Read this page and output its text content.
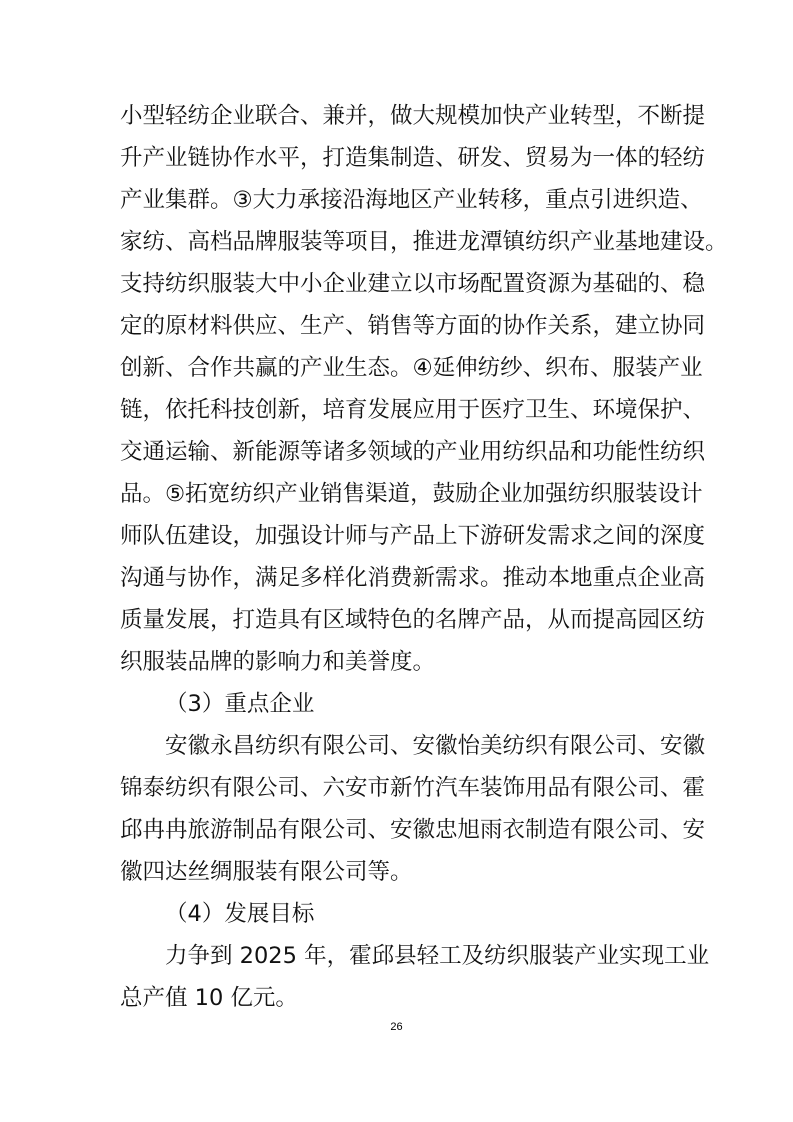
小型轻纺企业联合、兼并，做大规模加快产业转型，不断提
升产业链协作水平，打造集制造、研发、贸易为一体的轻纺
产业集群。③大力承接沿海地区产业转移，重点引进织造、
家纺、高档品牌服装等项目，推进龙潭镇纺织产业基地建设。
支持纺织服装大中小企业建立以市场配置资源为基础的、稳
定的原材料供应、生产、销售等方面的协作关系，建立协同
创新、合作共赢的产业生态。④延伸纺纱、织布、服装产业
链，依托科技创新，培育发展应用于医疗卫生、环境保护、
交通运输、新能源等诸多领域的产业用纺织品和功能性纺织
品。⑤拓宽纺织产业销售渠道，鼓励企业加强纺织服装设计
师队伍建设，加强设计师与产品上下游研发需求之间的深度
沟通与协作，满足多样化消费新需求。推动本地重点企业高
质量发展，打造具有区域特色的名牌产品，从而提高园区纺
织服装品牌的影响力和美誉度。
（3）重点企业
安徽永昌纺织有限公司、安徽怡美纺织有限公司、安徽
锦泰纺织有限公司、六安市新竹汽车装饰用品有限公司、霍
邱冉冉旅游制品有限公司、安徽忠旭雨衣制造有限公司、安
徽四达丝绸服装有限公司等。
（4）发展目标
力争到 2025 年，霍邱县轻工及纺织服装产业实现工业
总产值 10 亿元。
26
